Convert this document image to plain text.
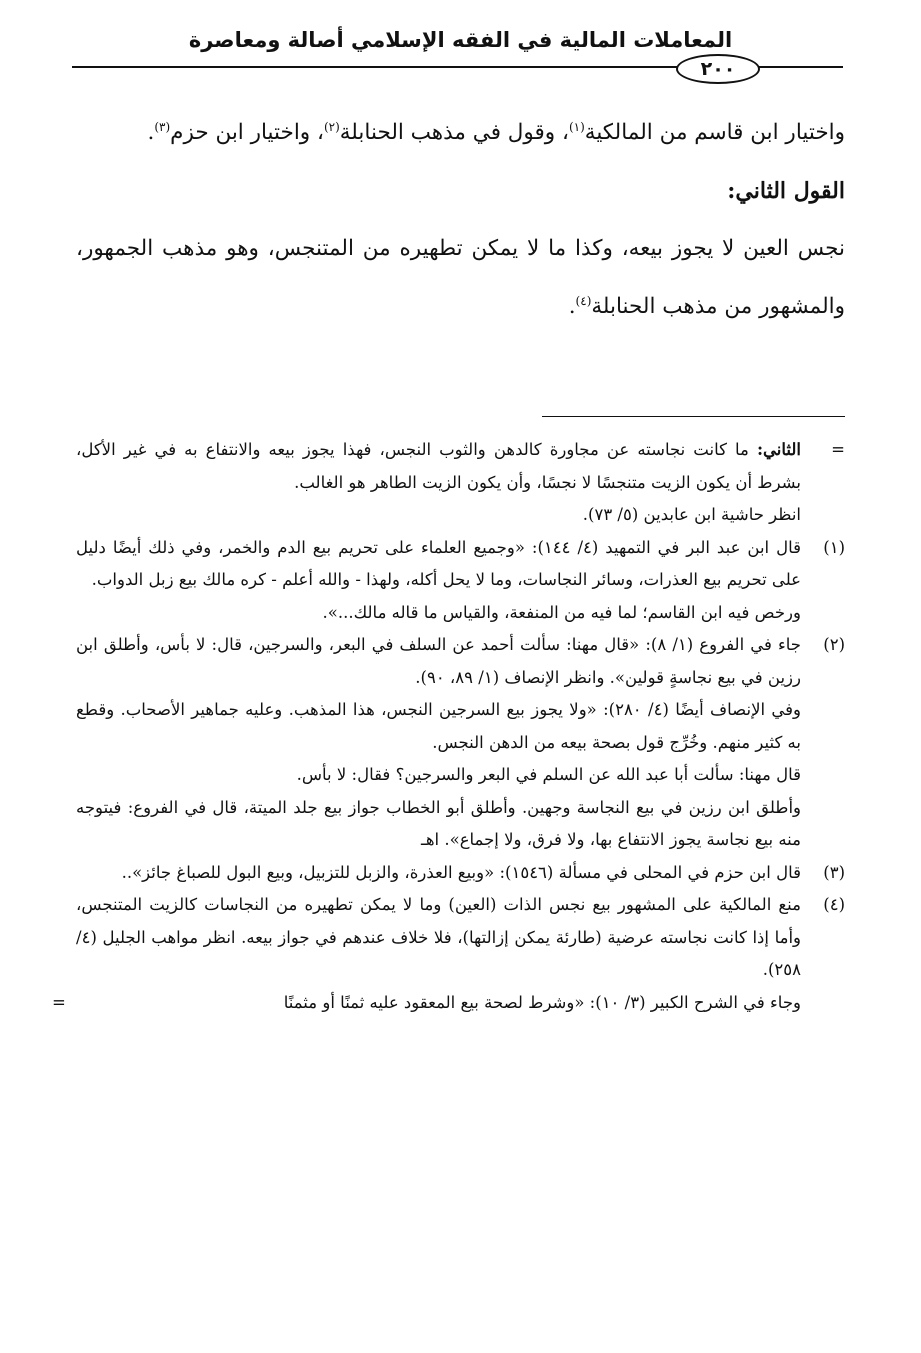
المعاملات المالية في الفقه الإسلامي أصالة ومعاصرة
٢٠٠

واختيار ابن قاسم من المالكية$^{(١)}$، وقول في مذهب الحنابلة$^{(٢)}$، واختيار ابن حزم$^{(٣)}$.

القول الثاني:

نجس العين لا يجوز بيعه، وكذا ما لا يمكن تطهيره من المتنجس، وهو مذهب الجمهور، والمشهور من مذهب الحنابلة$^{(٤)}$.

=

الثاني: ما كانت نجاسته عن مجاورة كالدهن والثوب النجس، فهذا يجوز بيعه والانتفاع به في غير الأكل، بشرط أن يكون الزيت متنجسًا لا نجسًا، وأن يكون الزيت الطاهر هو الغالب.

انظر حاشية ابن عابدين (٥/ ٧٣).

(١)

قال ابن عبد البر في التمهيد (٤/ ١٤٤): «وجميع العلماء على تحريم بيع الدم والخمر، وفي ذلك أيضًا دليل على تحريم بيع العذرات، وسائر النجاسات، وما لا يحل أكله، ولهذا - والله أعلم - كره مالك بيع زبل الدواب.

ورخص فيه ابن القاسم؛ لما فيه من المنفعة، والقياس ما قاله مالك...».

(٢)

جاء في الفروع (١/ ٨): «قال مهنا: سألت أحمد عن السلف في البعر، والسرجين، قال: لا بأس، وأطلق ابن رزين في بيع نجاسةٍ قولين». وانظر الإنصاف (١/ ٨٩، ٩٠).

وفي الإنصاف أيضًا (٤/ ٢٨٠): «ولا يجوز بيع السرجين النجس، هذا المذهب. وعليه جماهير الأصحاب. وقطع به كثير منهم. وخُرِّج قول بصحة بيعه من الدهن النجس.

قال مهنا: سألت أبا عبد الله عن السلم في البعر والسرجين؟ فقال: لا بأس.

وأطلق ابن رزين في بيع النجاسة وجهين. وأطلق أبو الخطاب جواز بيع جلد الميتة، قال في الفروع: فيتوجه منه بيع نجاسة يجوز الانتفاع بها، ولا فرق، ولا إجماع». اهـ

(٣)

قال ابن حزم في المحلى في مسألة (١٥٤٦): «وبيع العذرة، والزبل للتزبيل، وبيع البول للصباغ جائز»..

(٤)

منع المالكية على المشهور بيع نجس الذات (العين) وما لا يمكن تطهيره من النجاسات كالزيت المتنجس، وأما إذا كانت نجاسته عرضية (طارئة يمكن إزالتها)، فلا خلاف عندهم في جواز بيعه. انظر مواهب الجليل (٤/ ٢٥٨).

وجاء في الشرح الكبير (٣/ ١٠): «وشرط لصحة بيع المعقود عليه ثمنًا أو مثمنًا
=
